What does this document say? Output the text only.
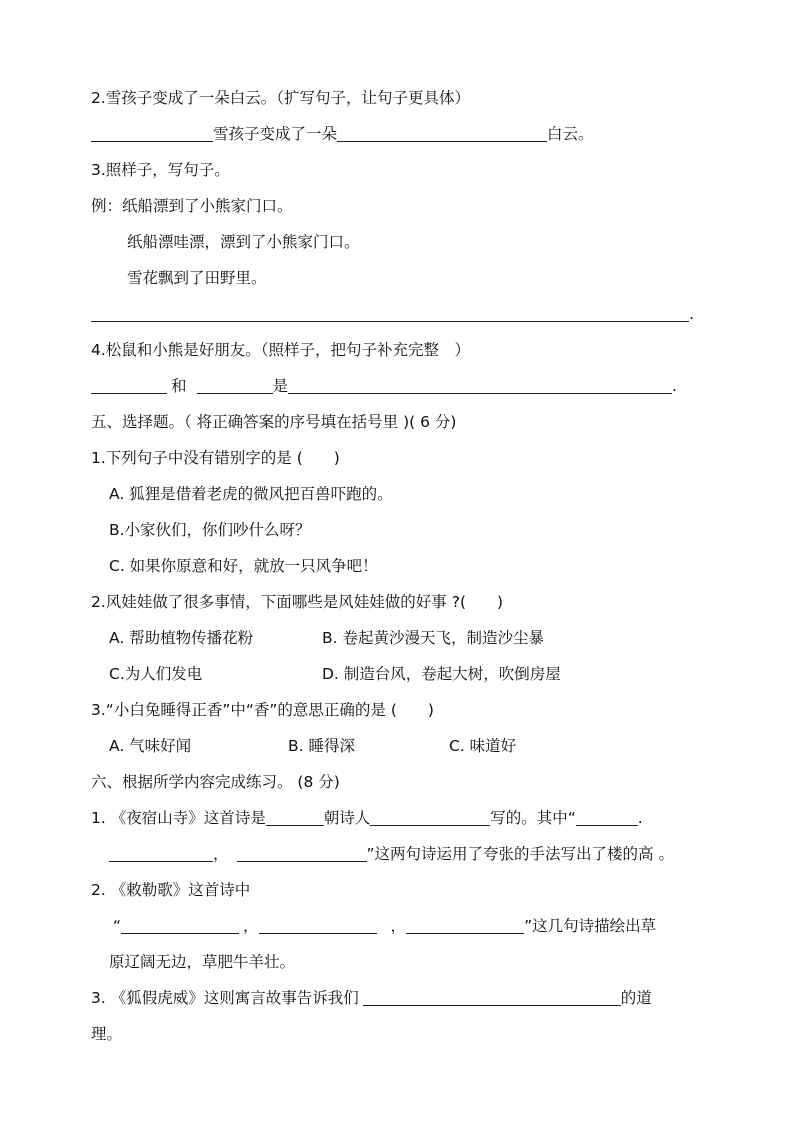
2.雪孩子变成了一朵白云。（扩写句子，让句子更具体）
雪孩子变成了一朵	白云。
3.照样子，写句子。
例：纸船漂到了小熊家门口。
纸船漂哇漂，漂到了小熊家门口。
雪花飘到了田野里。
.
4.松鼠和小熊是好朋友。（照样子，把句子补充完整　）
和	是	.
五、选择题。（ 将正确答案的序号填在括号里 )( 6 分)
1.下列句子中没有错别字的是 (　　)
A. 狐狸是借着老虎的微风把百兽吓跑的。
B.小家伙们，你们吵什么呀？
C. 如果你原意和好，就放一只风争吧！
2.风娃娃做了很多事情，下面哪些是风娃娃做的好事 ?(　　)
A. 帮助植物传播花粉	B. 卷起黄沙漫天飞，制造沙尘暴
C.为人们发电	D. 制造台风，卷起大树，吹倒房屋
3.“小白兔睡得正香”中“香”的意思正确的是 (　　)
A. 气味好闻	B. 睡得深	C. 味道好
六、根据所学内容完成练习。 (8 分)
1. 《夜宿山寺》这首诗是	朝诗人	写的。其中“	.
，	”这两句诗运用了夸张的手法写出了楼的高 。
2. 《敕勒歌》这首诗中
“	，	，	”这几句诗描绘出草
原辽阔无边，草肥牛羊壮。
3. 《狐假虎威》这则寓言故事告诉我们	的道
理。
